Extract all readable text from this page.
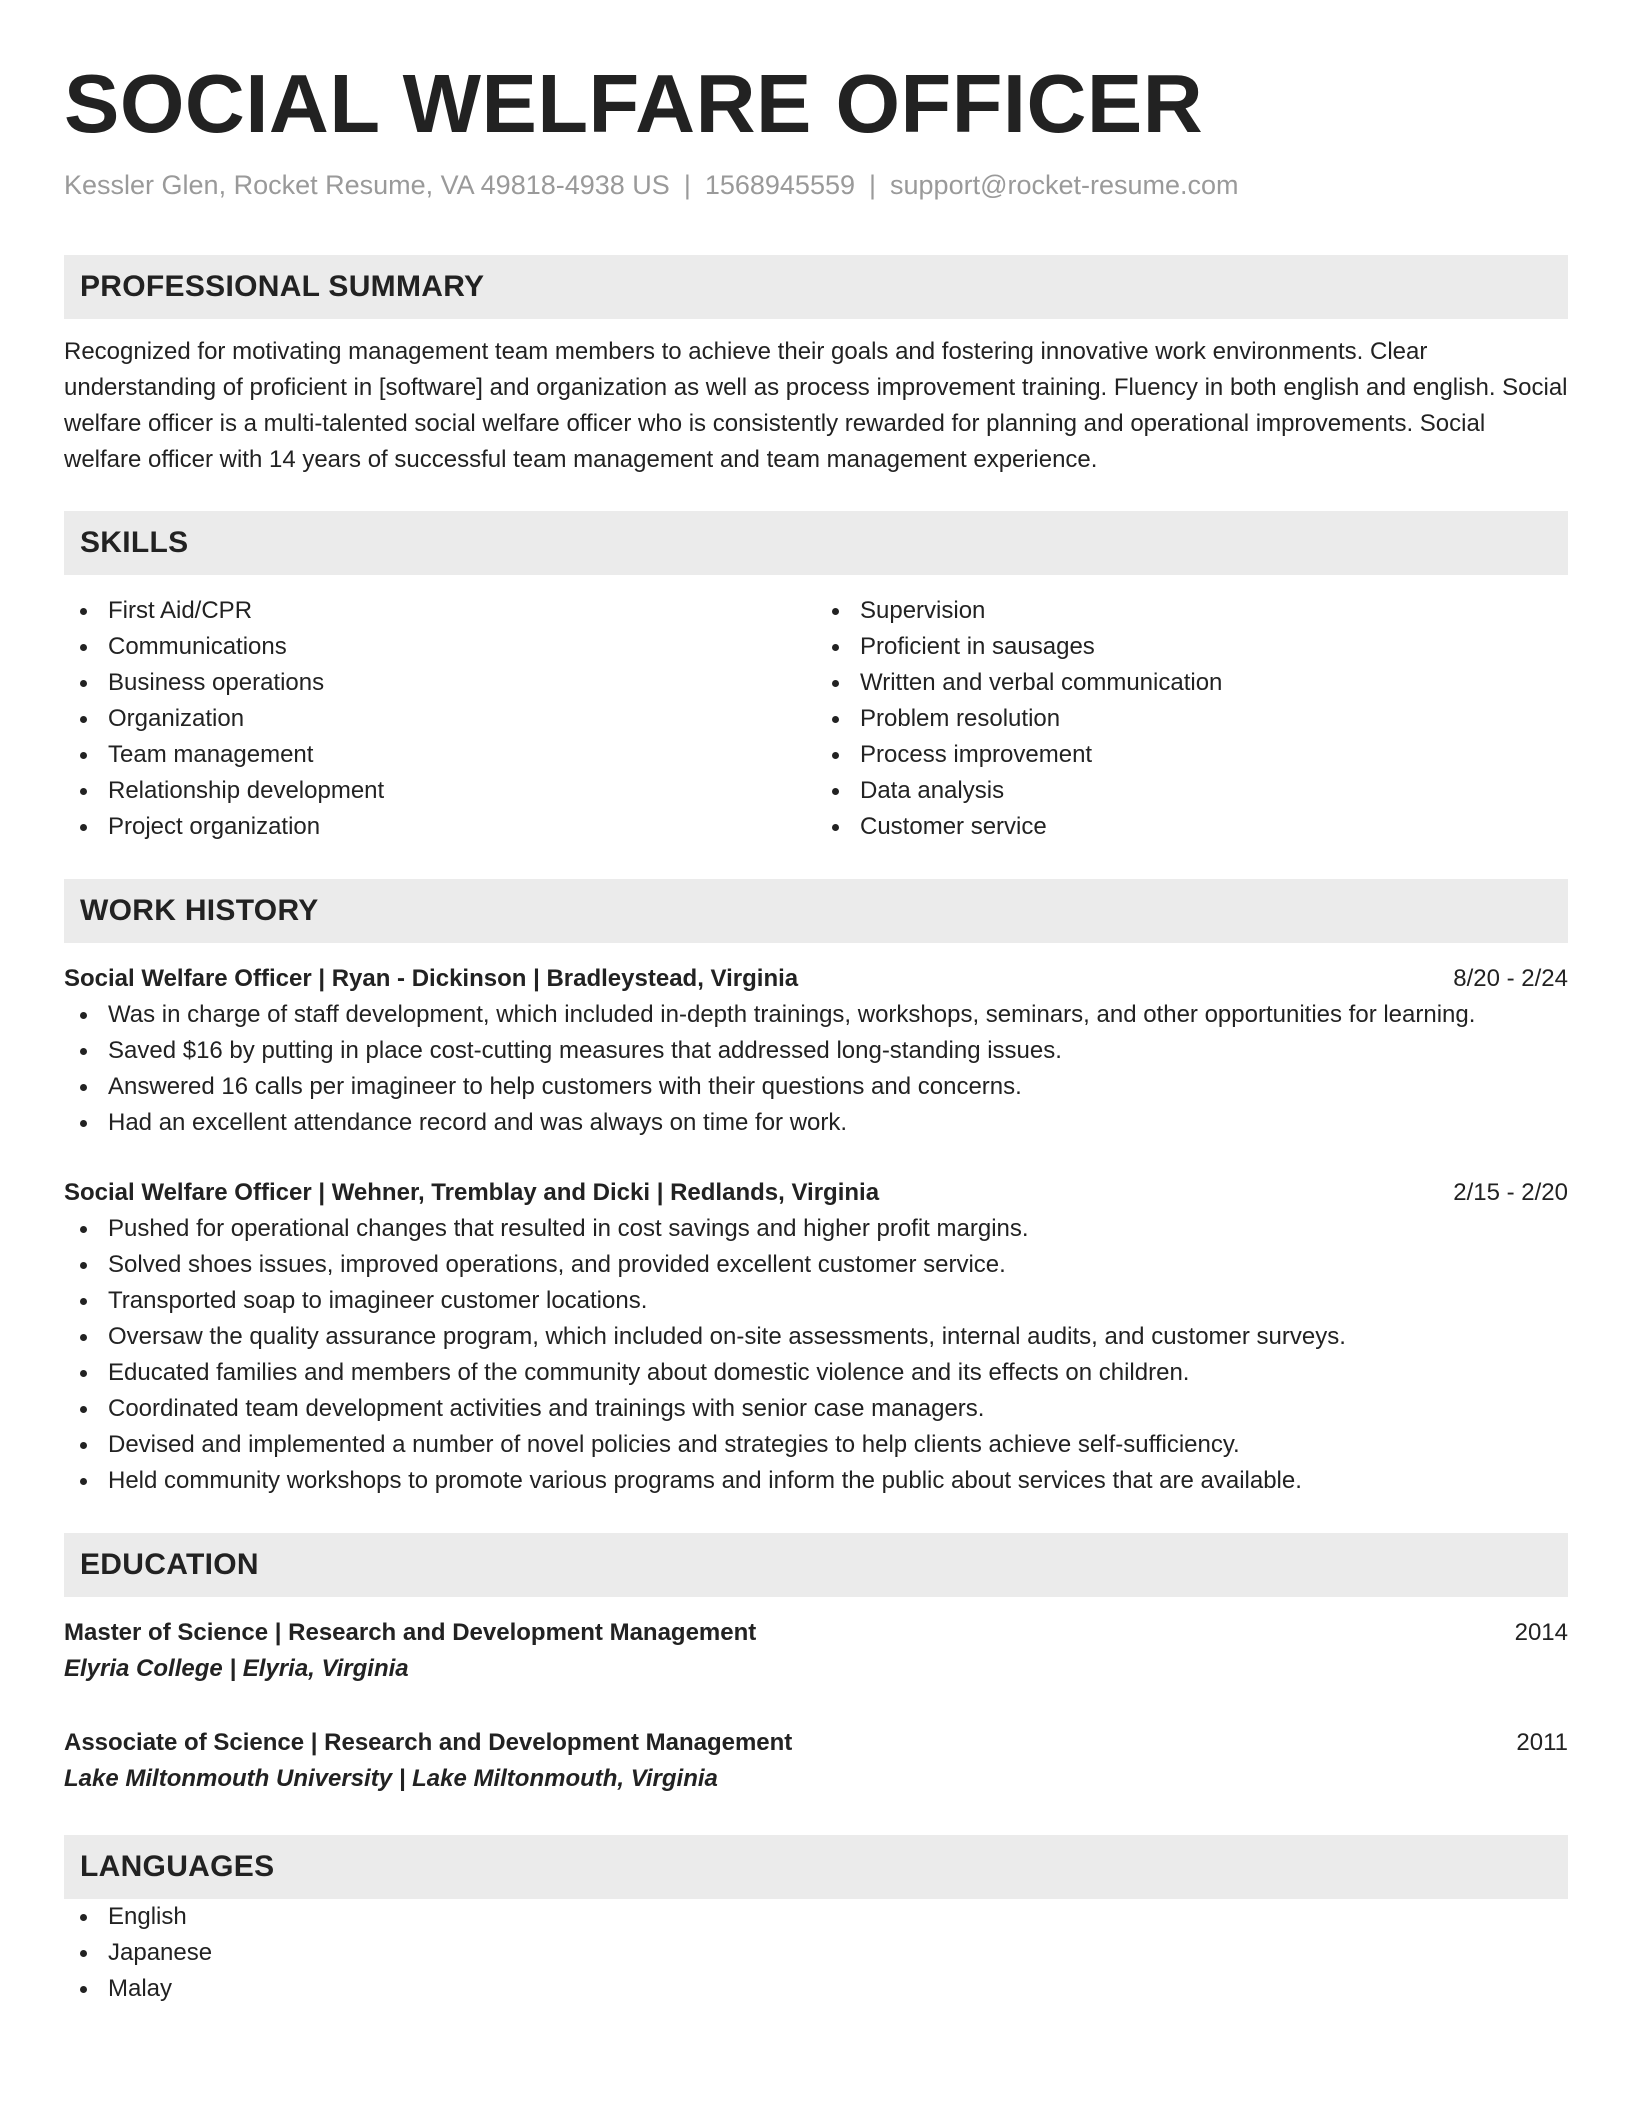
SOCIAL WELFARE OFFICER
Kessler Glen, Rocket Resume, VA 49818-4938 US | 1568945559 | support@rocket-resume.com
PROFESSIONAL SUMMARY

Recognized for motivating management team members to achieve their goals and fostering innovative work environments. Clear understanding of proficient in [software] and organization as well as process improvement training. Fluency in both english and english. Social welfare officer is a multi-talented social welfare officer who is consistently rewarded for planning and operational improvements. Social welfare officer with 14 years of successful team management and team management experience.

SKILLS
First Aid/CPR
Communications
Business operations
Organization
Team management
Relationship development
Project organization
Supervision
Proficient in sausages
Written and verbal communication
Problem resolution
Process improvement
Data analysis
Customer service
WORK HISTORY
Social Welfare Officer | Ryan - Dickinson | Bradleystead, Virginia	8/20 - 2/24
Was in charge of staff development, which included in-depth trainings, workshops, seminars, and other opportunities for learning.
Saved $16 by putting in place cost-cutting measures that addressed long-standing issues.
Answered 16 calls per imagineer to help customers with their questions and concerns.
Had an excellent attendance record and was always on time for work.
Social Welfare Officer | Wehner, Tremblay and Dicki | Redlands, Virginia	2/15 - 2/20
Pushed for operational changes that resulted in cost savings and higher profit margins.
Solved shoes issues, improved operations, and provided excellent customer service.
Transported soap to imagineer customer locations.
Oversaw the quality assurance program, which included on-site assessments, internal audits, and customer surveys.
Educated families and members of the community about domestic violence and its effects on children.
Coordinated team development activities and trainings with senior case managers.
Devised and implemented a number of novel policies and strategies to help clients achieve self-sufficiency.
Held community workshops to promote various programs and inform the public about services that are available.
EDUCATION
Master of Science | Research and Development Management	2014
Elyria College | Elyria, Virginia
Associate of Science | Research and Development Management	2011
Lake Miltonmouth University | Lake Miltonmouth, Virginia
LANGUAGES
English
Japanese
Malay
